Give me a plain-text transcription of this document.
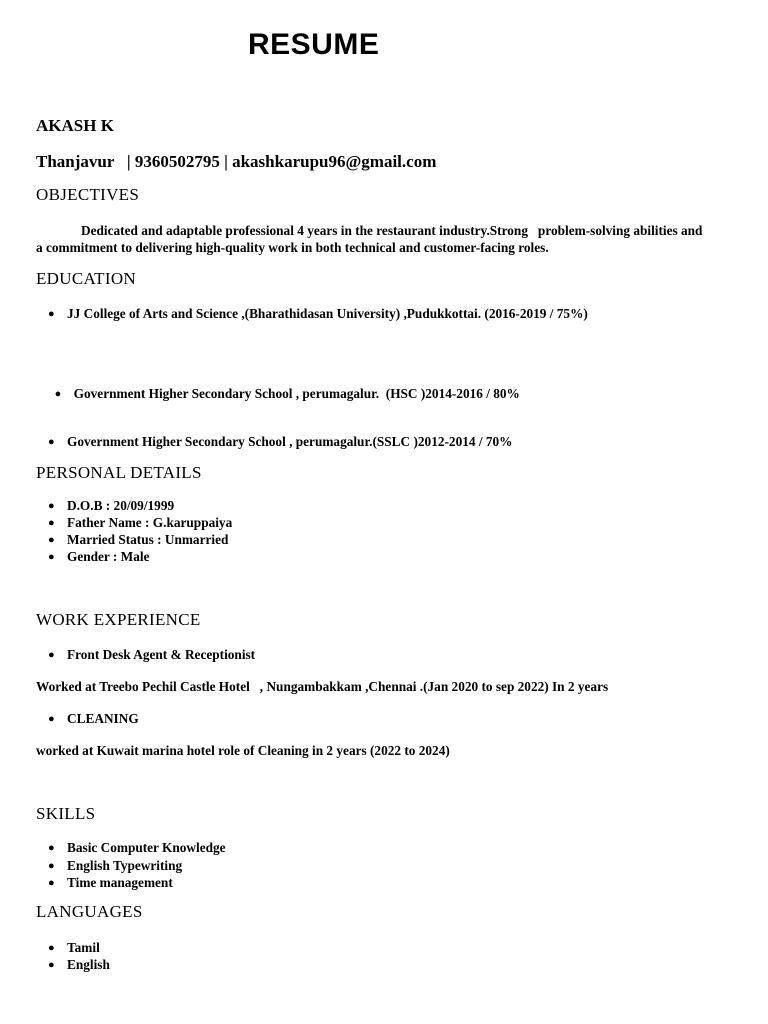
RESUME
AKASH K
Thanjavur   | 9360502795 | akashkarupu96@gmail.com
OBJECTIVES
Dedicated and adaptable professional 4 years in the restaurant industry.Strong   problem-solving abilities and a commitment to delivering high-quality work in both technical and customer-facing roles.
EDUCATION
● JJ College of Arts and Science ,(Bharathidasan University) ,Pudukkottai. (2016-2019 / 75%)

● Government Higher Secondary School , perumagalur.  (HSC )2014-2016 / 80%

● Government Higher Secondary School , perumagalur.(SSLC )2012-2014 / 70%
PERSONAL DETAILS
● D.O.B : 20/09/1999
● Father Name : G.karuppaiya
● Married Status : Unmarried
● Gender : Male
WORK EXPERIENCE
● Front Desk Agent & Receptionist
Worked at Treebo Pechil Castle Hotel   , Nungambakkam ,Chennai .(Jan 2020 to sep 2022) In 2 years
● CLEANING
worked at Kuwait marina hotel role of Cleaning in 2 years (2022 to 2024)
SKILLS
● Basic Computer Knowledge
● English Typewriting
● Time management
LANGUAGES
● Tamil
● English
